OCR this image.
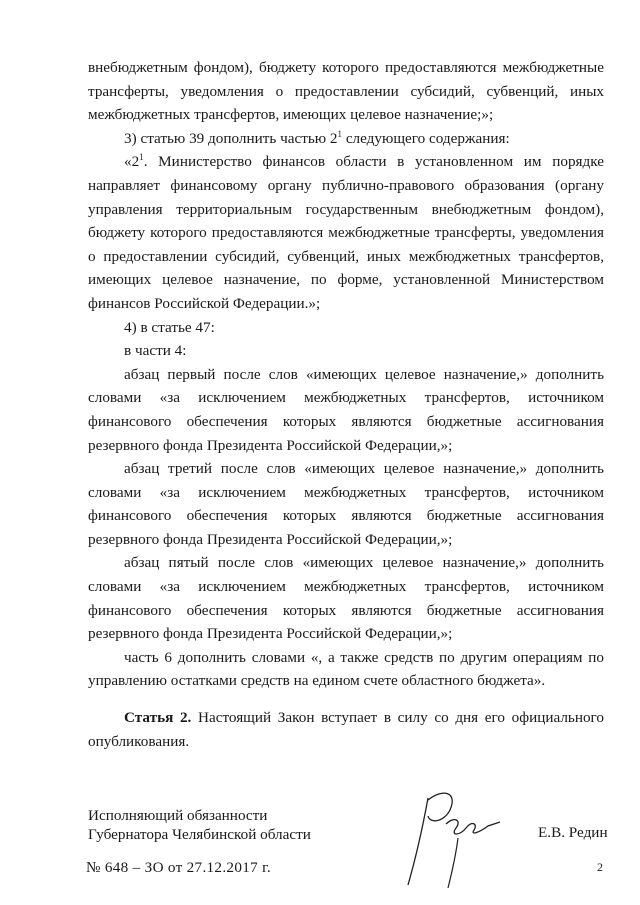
внебюджетным фондом), бюджету которого предоставляются межбюджетные трансферты, уведомления о предоставлении субсидий, субвенций, иных межбюджетных трансфертов, имеющих целевое назначение;»;

3) статью 39 дополнить частью $2^1$ следующего содержания:

«$2^1$. Министерство финансов области в установленном им порядке направляет финансовому органу публично-правового образования (органу управления территориальным государственным внебюджетным фондом), бюджету которого предоставляются межбюджетные трансферты, уведомления о предоставлении субсидий, субвенций, иных межбюджетных трансфертов, имеющих целевое назначение, по форме, установленной Министерством финансов Российской Федерации.»;

4) в статье 47:

в части 4:

абзац первый после слов «имеющих целевое назначение,» дополнить словами «за исключением межбюджетных трансфертов, источником финансового обеспечения которых являются бюджетные ассигнования резервного фонда Президента Российской Федерации,»;

абзац третий после слов «имеющих целевое назначение,» дополнить словами «за исключением межбюджетных трансфертов, источником финансового обеспечения которых являются бюджетные ассигнования резервного фонда Президента Российской Федерации,»;

абзац пятый после слов «имеющих целевое назначение,» дополнить словами «за исключением межбюджетных трансфертов, источником финансового обеспечения которых являются бюджетные ассигнования резервного фонда Президента Российской Федерации,»;

часть 6 дополнить словами «, а также средств по другим операциям по управлению остатками средств на едином счете областного бюджета».

Статья 2. Настоящий Закон вступает в силу со дня его официального опубликования.

Исполняющий обязанности
Губернатора Челябинской области	Е.В. Редин
№ 648 – ЗО от 27.12.2017 г.	2
